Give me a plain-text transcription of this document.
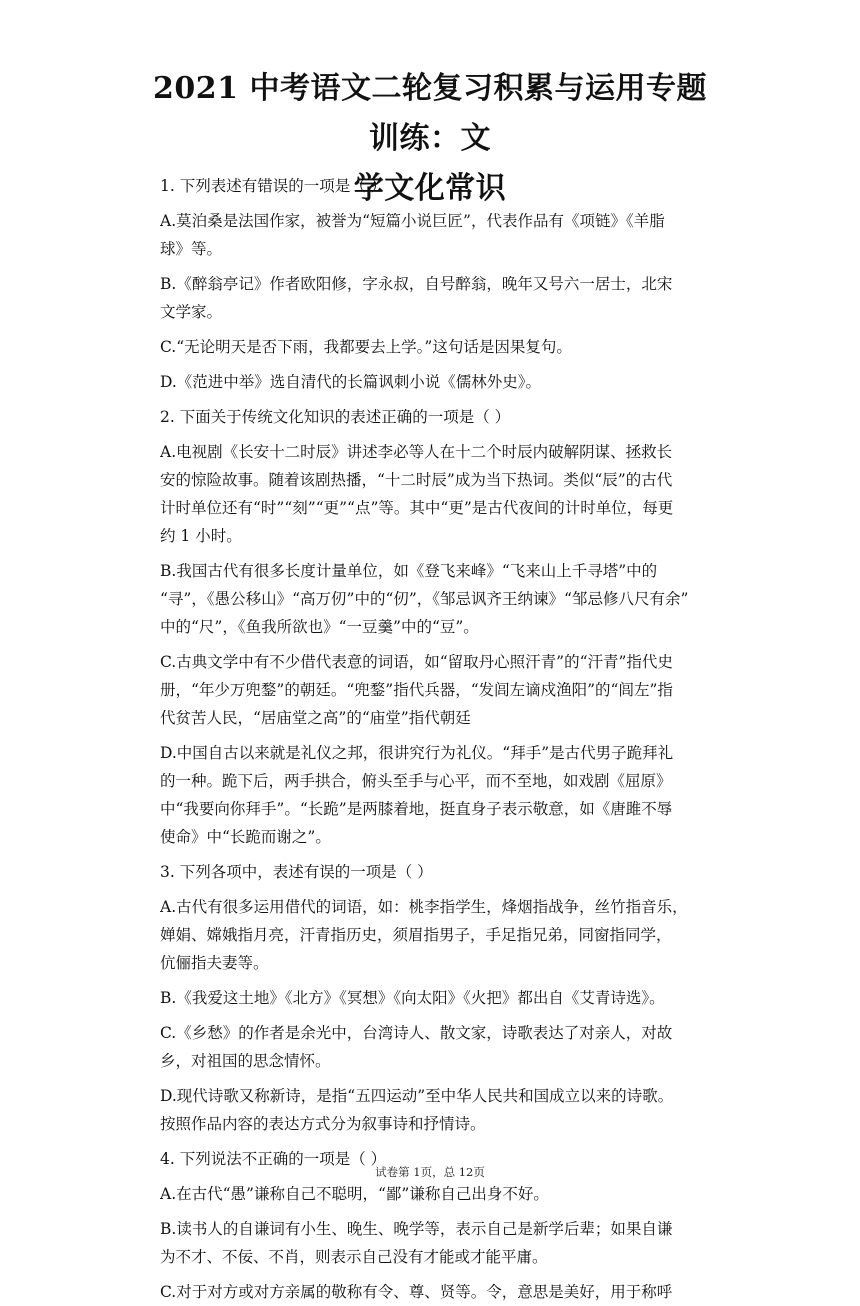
2021 中考语文二轮复习积累与运用专题训练：文
学文化常识
1. 下列表述有错误的一项是（ ）
A.莫泊桑是法国作家，被誉为“短篇小说巨匠”，代表作品有《项链》《羊脂
球》等。
B.《醉翁亭记》作者欧阳修，字永叔，自号醉翁，晚年又号六一居士，北宋
文学家。
C.“无论明天是否下雨，我都要去上学。”这句话是因果复句。
D.《范进中举》选自清代的长篇讽刺小说《儒林外史》。
2. 下面关于传统文化知识的表述正确的一项是（ ）
A.电视剧《长安十二时辰》讲述李必等人在十二个时辰内破解阴谋、拯救长
安的惊险故事。随着该剧热播，“十二时辰”成为当下热词。类似“辰”的古代
计时单位还有“时”“刻”“更”“点”等。其中“更”是古代夜间的计时单位，每更
约 1 小时。
B.我国古代有很多长度计量单位，如《登飞来峰》“飞来山上千寻塔”中的
“寻”，《愚公移山》“高万仞”中的“仞”，《邹忌讽齐王纳谏》“邹忌修八尺有余”
中的“尺”，《鱼我所欲也》“一豆羹”中的“豆”。
C.古典文学中有不少借代表意的词语，如“留取丹心照汗青”的“汗青”指代史
册，“年少万兜鍪”的朝廷。“兜鍪”指代兵器，“发闾左谪戍渔阳”的“闾左”指
代贫苦人民，“居庙堂之高”的“庙堂”指代朝廷
D.中国自古以来就是礼仪之邦，很讲究行为礼仪。“拜手”是古代男子跪拜礼
的一种。跪下后，两手拱合，俯头至手与心平，而不至地，如戏剧《屈原》
中“我要向你拜手”。“长跪”是两膝着地，挺直身子表示敬意，如《唐雎不辱
使命》中“长跪而谢之”。
3. 下列各项中，表述有误的一项是（ ）
A.古代有很多运用借代的词语，如：桃李指学生，烽烟指战争，丝竹指音乐，
婵娟、嫦娥指月亮，汗青指历史，须眉指男子，手足指兄弟，同窗指同学，
伉俪指夫妻等。
B.《我爱这土地》《北方》《冥想》《向太阳》《火把》都出自《艾青诗选》。
C.《乡愁》的作者是余光中，台湾诗人、散文家，诗歌表达了对亲人，对故
乡，对祖国的思念情怀。
D.现代诗歌又称新诗，是指“五四运动”至中华人民共和国成立以来的诗歌。
按照作品内容的表达方式分为叙事诗和抒情诗。
4. 下列说法不正确的一项是（ ）
A.在古代“愚”谦称自己不聪明，“鄙”谦称自己出身不好。
B.读书人的自谦词有小生、晚生、晚学等，表示自己是新学后辈；如果自谦
为不才、不佞、不肖，则表示自己没有才能或才能平庸。
C.对于对方或对方亲属的敬称有令、尊、贤等。令，意思是美好，用于称呼
试卷第 1页，总 12页
